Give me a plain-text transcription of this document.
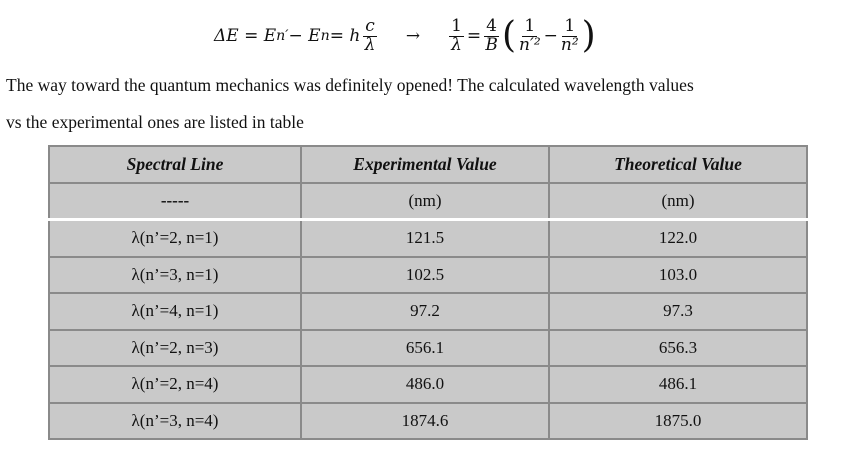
ΔE = E n′ − E n = h $\frac{c}{\lambda} \to \frac{1}{\lambda} = \frac{4}{B}$ ( $\frac{1}{\text{n′²}} - \frac{1}{\text{n²}}$ )
The way toward the quantum mechanics was definitely opened! The calculated wavelength values
vs the experimental ones are listed in table
Spectral Line	Experimental Value	Theoretical Value
-----	(nm)	(nm)
λ(n’=2, n=1)	121.5	122.0
λ(n’=3, n=1)	102.5	103.0
λ(n’=4, n=1)	97.2	97.3
λ(n’=2, n=3)	656.1	656.3
λ(n’=2, n=4)	486.0	486.1
λ(n’=3, n=4)	1874.6	1875.0
